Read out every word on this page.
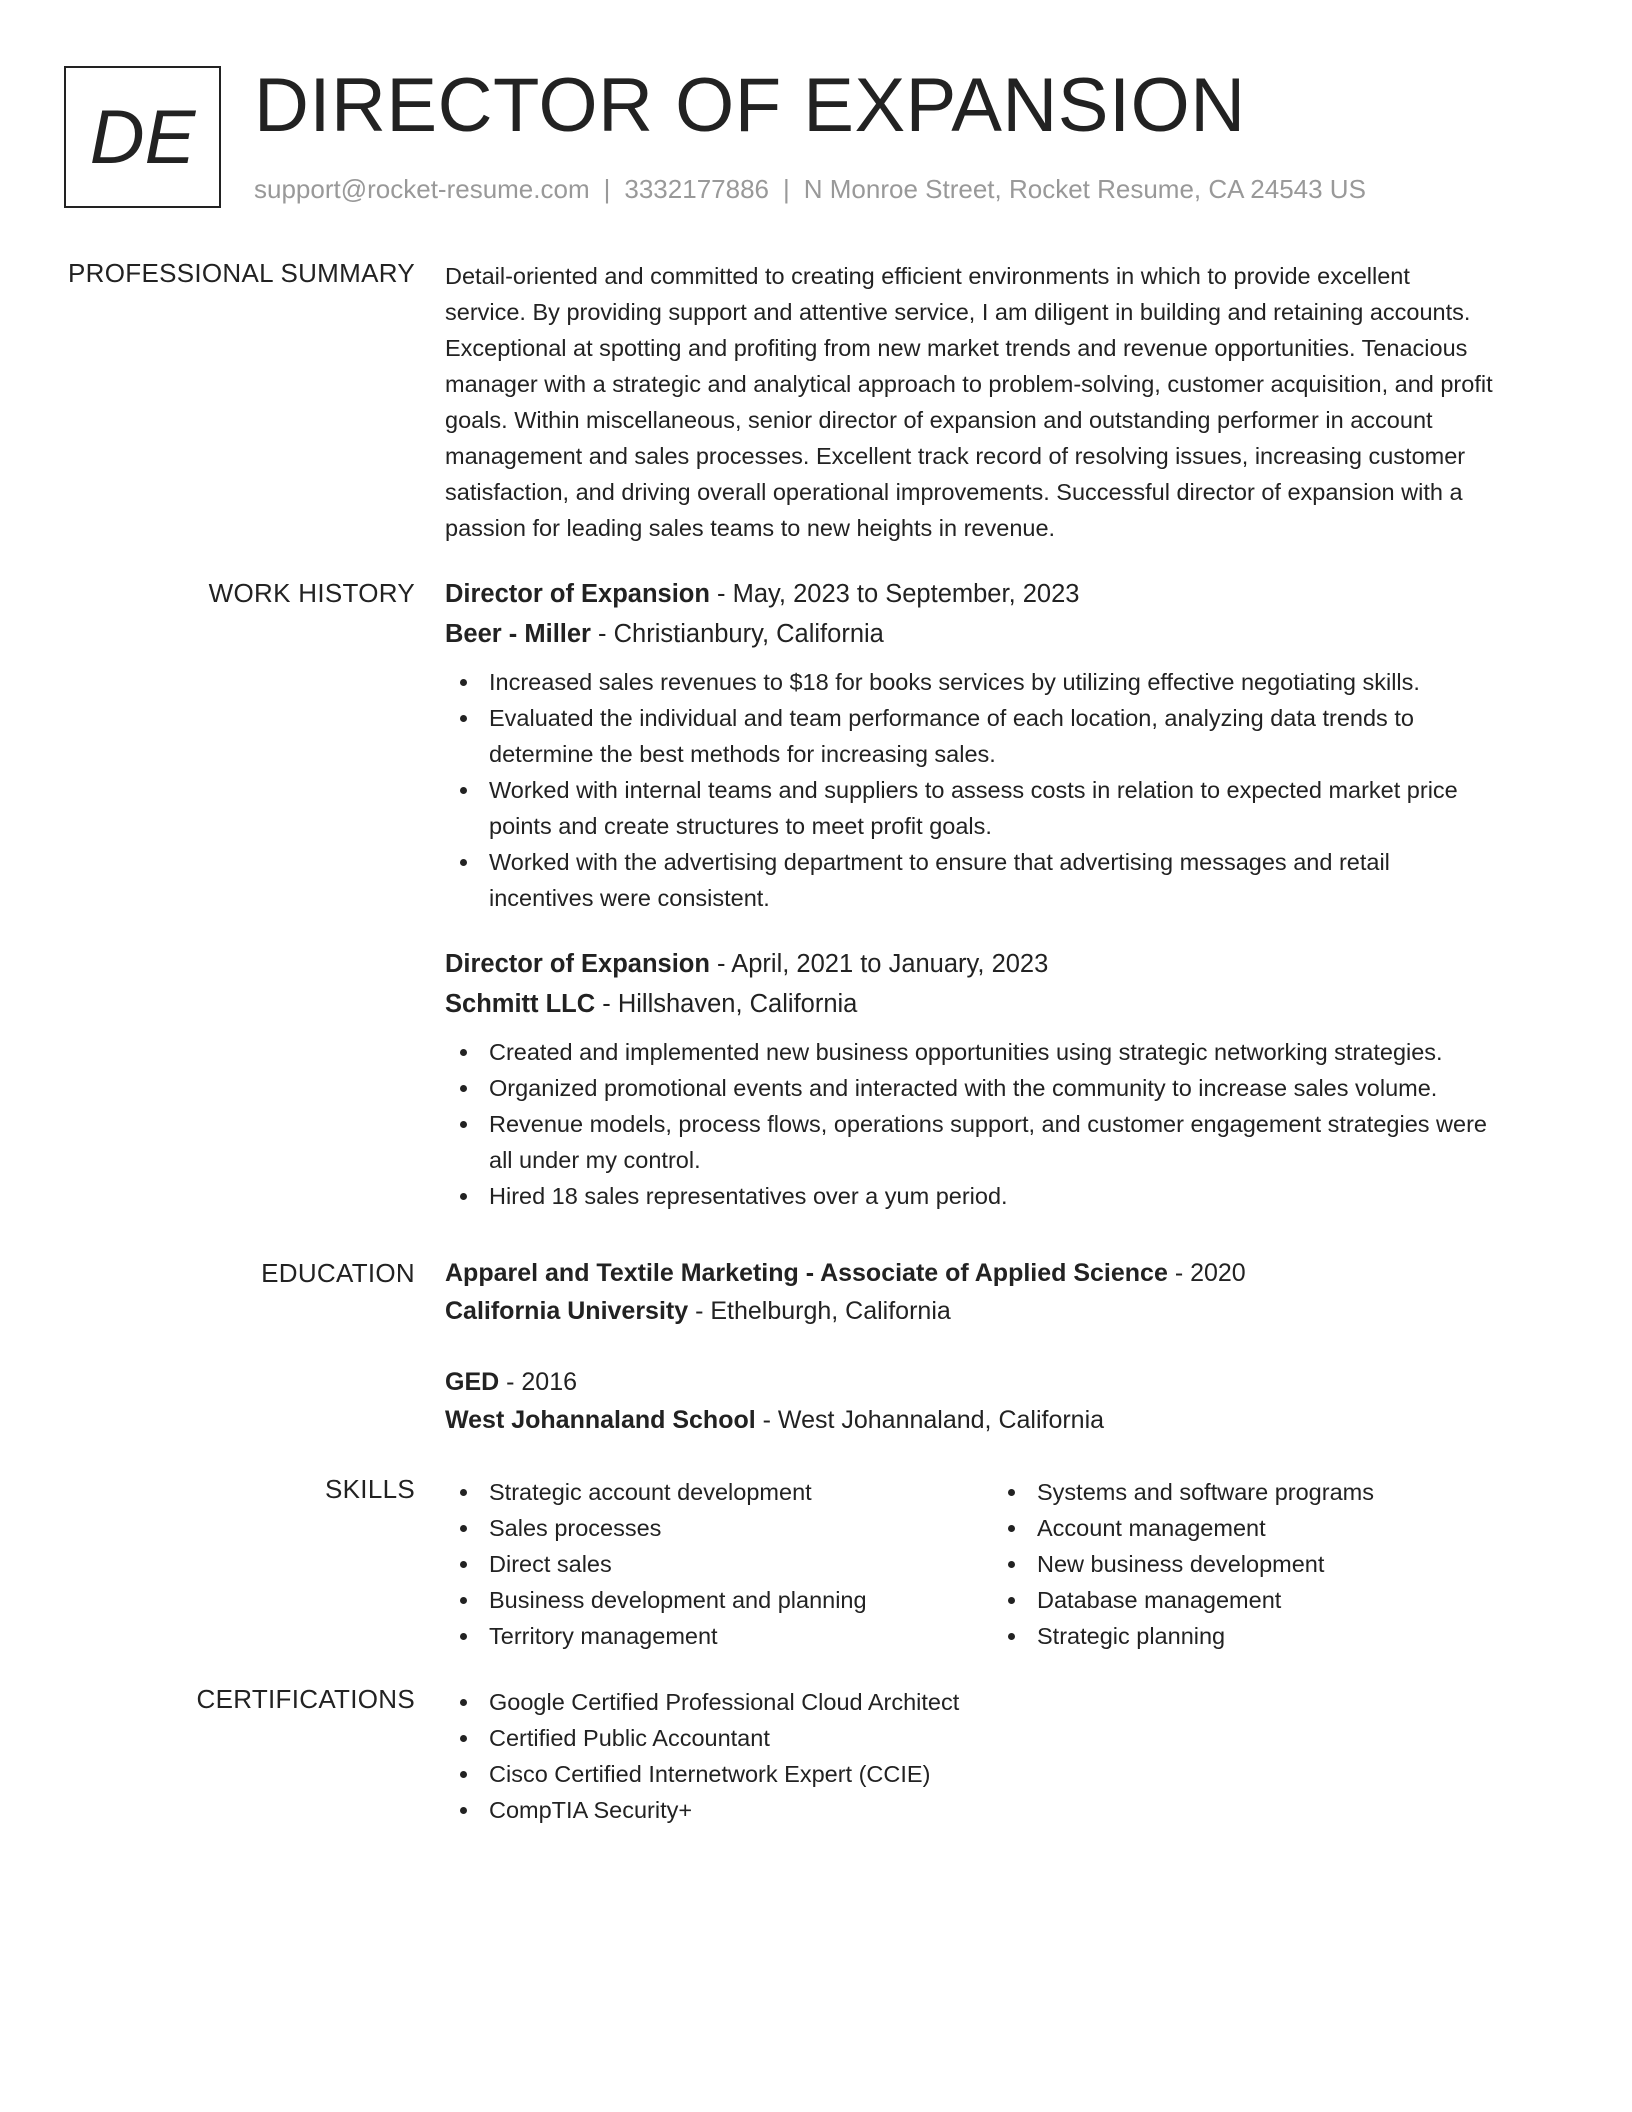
DE DIRECTOR OF EXPANSION
support@rocket-resume.com | 3332177886 | N Monroe Street, Rocket Resume, CA 24543 US
PROFESSIONAL SUMMARY Detail-oriented and committed to creating efficient environments in which to provide excellent
service. By providing support and attentive service, I am diligent in building and retaining accounts.
Exceptional at spotting and profiting from new market trends and revenue opportunities. Tenacious
manager with a strategic and analytical approach to problem-solving, customer acquisition, and profit
goals. Within miscellaneous, senior director of expansion and outstanding performer in account
management and sales processes. Excellent track record of resolving issues, increasing customer
satisfaction, and driving overall operational improvements. Successful director of expansion with a
passion for leading sales teams to new heights in revenue.
WORK HISTORY Director of Expansion - May, 2023 to September, 2023
Beer - Miller - Christianbury, California
Increased sales revenues to $18 for books services by utilizing effective negotiating skills.
Evaluated the individual and team performance of each location, analyzing data trends to
determine the best methods for increasing sales.
Worked with internal teams and suppliers to assess costs in relation to expected market price
points and create structures to meet profit goals.
Worked with the advertising department to ensure that advertising messages and retail
incentives were consistent.
Director of Expansion - April, 2021 to January, 2023
Schmitt LLC - Hillshaven, California
Created and implemented new business opportunities using strategic networking strategies.
Organized promotional events and interacted with the community to increase sales volume.
Revenue models, process flows, operations support, and customer engagement strategies were
all under my control.
Hired 18 sales representatives over a yum period.
EDUCATION Apparel and Textile Marketing - Associate of Applied Science - 2020
California University - Ethelburgh, California
GED - 2016
West Johannaland School - West Johannaland, California
SKILLS	Strategic account development
Sales processes
Direct sales
Business development and planning
Territory management
Systems and software programs
Account management
New business development
Database management
Strategic planning
CERTIFICATIONS	Google Certified Professional Cloud Architect
Certified Public Accountant
Cisco Certified Internetwork Expert (CCIE)
CompTIA Security+
